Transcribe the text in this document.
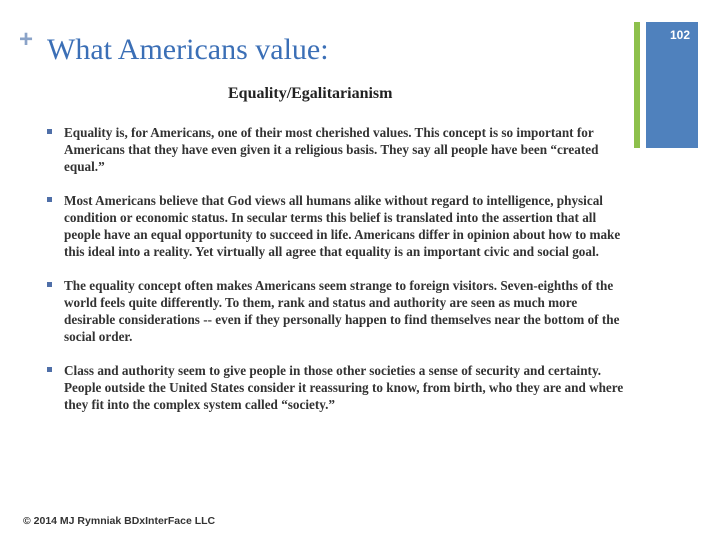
+ What Americans value:	102
Equality/Egalitarianism
Equality is, for Americans, one of their most cherished values. This concept is so important for Americans that they have even given it a religious basis. They say all people have been “created equal.”
Most Americans believe that God views all humans alike without regard to intelligence, physical condition or economic status. In secular terms this belief is translated into the assertion that all people have an equal opportunity to succeed in life. Americans differ in opinion about how to make this ideal into a reality. Yet virtually all agree that equality is an important civic and social goal.
The equality concept often makes Americans seem strange to foreign visitors. Seven-eighths of the world feels quite differently. To them, rank and status and authority are seen as much more desirable considerations -- even if they personally happen to find themselves near the bottom of the social order.
Class and authority seem to give people in those other societies a sense of security and certainty. People outside the United States consider it reassuring to know, from birth, who they are and where they fit into the complex system called “society.”
© 2014 MJ Rymniak BDxInterFace LLC
